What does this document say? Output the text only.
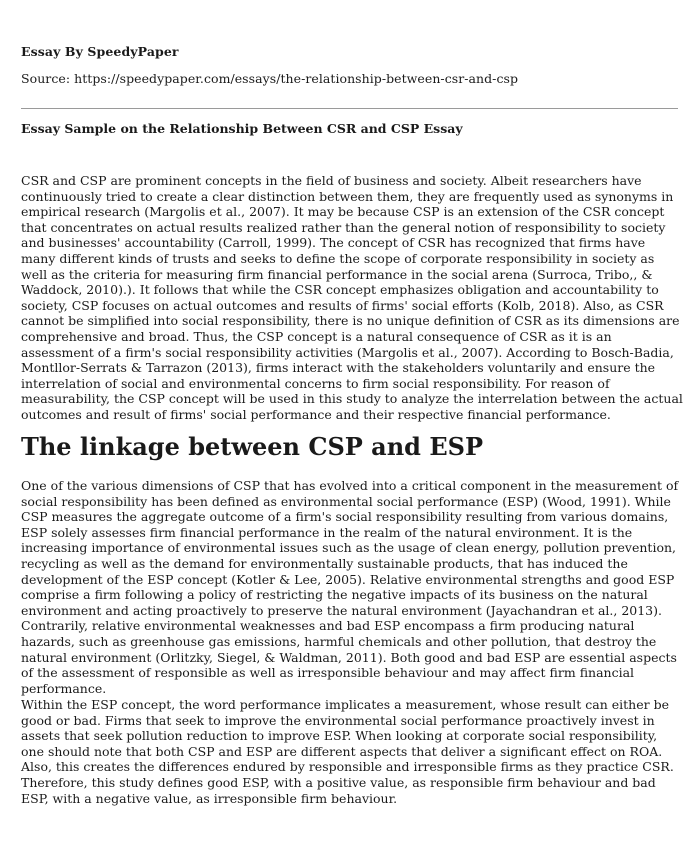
Essay By SpeedyPaper
Source: https://speedypaper.com/essays/the-relationship-between-csr-and-csp
Essay Sample on the Relationship Between CSR and CSP Essay

CSR and CSP are prominent concepts in the field of business and society. Albeit researchers have continuously tried to create a clear distinction between them, they are frequently used as synonyms in empirical research (Margolis et al., 2007). It may be because CSP is an extension of the CSR concept that concentrates on actual results realized rather than the general notion of responsibility to society and businesses' accountability (Carroll, 1999). The concept of CSR has recognized that firms have many different kinds of trusts and seeks to define the scope of corporate responsibility in society as well as the criteria for measuring firm financial performance in the social arena (Surroca, Tribo,, & Waddock, 2010).). It follows that while the CSR concept emphasizes obligation and accountability to society, CSP focuses on actual outcomes and results of firms' social efforts (Kolb, 2018). Also, as CSR cannot be simplified into social responsibility, there is no unique definition of CSR as its dimensions are comprehensive and broad. Thus, the CSP concept is a natural consequence of CSR as it is an assessment of a firm's social responsibility activities (Margolis et al., 2007). According to Bosch-Badia, Montllor-Serrats & Tarrazon (2013), firms interact with the stakeholders voluntarily and ensure the interrelation of social and environmental concerns to firm social responsibility. For reason of measurability, the CSP concept will be used in this study to analyze the interrelation between the actual outcomes and result of firms' social performance and their respective financial performance.

The linkage between CSP and ESP

One of the various dimensions of CSP that has evolved into a critical component in the measurement of social responsibility has been defined as environmental social performance (ESP) (Wood, 1991). While CSP measures the aggregate outcome of a firm's social responsibility resulting from various domains, ESP solely assesses firm financial performance in the realm of the natural environment. It is the increasing importance of environmental issues such as the usage of clean energy, pollution prevention, recycling as well as the demand for environmentally sustainable products, that has induced the development of the ESP concept (Kotler & Lee, 2005). Relative environmental strengths and good ESP comprise a firm following a policy of restricting the negative impacts of its business on the natural environment and acting proactively to preserve the natural environment (Jayachandran et al., 2013). Contrarily, relative environmental weaknesses and bad ESP encompass a firm producing natural hazards, such as greenhouse gas emissions, harmful chemicals and other pollution, that destroy the natural environment (Orlitzky, Siegel, & Waldman, 2011). Both good and bad ESP are essential aspects of the assessment of responsible as well as irresponsible behaviour and may affect firm financial performance.

Within the ESP concept, the word performance implicates a measurement, whose result can either be good or bad. Firms that seek to improve the environmental social performance proactively invest in assets that seek pollution reduction to improve ESP. When looking at corporate social responsibility, one should note that both CSP and ESP are different aspects that deliver a significant effect on ROA. Also, this creates the differences endured by responsible and irresponsible firms as they practice CSR. Therefore, this study defines good ESP, with a positive value, as responsible firm behaviour and bad ESP, with a negative value, as irresponsible firm behaviour.
